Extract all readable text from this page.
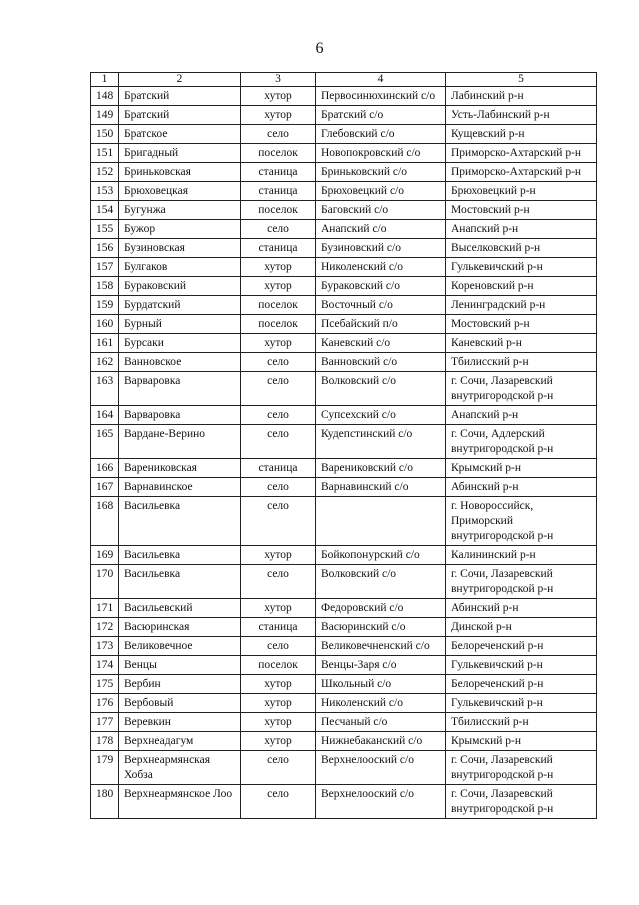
6
1	2	3	4	5
148	Братский	хутор	Первосинюхинский с/о	Лабинский р-н
149	Братский	хутор	Братский с/о	Усть-Лабинский р-н
150	Братское	село	Глебовский с/о	Кущевский р-н
151	Бригадный	поселок	Новопокровский с/о	Приморско-Ахтарский р-н
152	Бриньковская	станица	Бриньковский с/о	Приморско-Ахтарский р-н
153	Брюховецкая	станица	Брюховецкий с/о	Брюховецкий р-н
154	Бугунжа	поселок	Баговский с/о	Мостовский р-н
155	Бужор	село	Анапский с/о	Анапский р-н
156	Бузиновская	станица	Бузиновский с/о	Выселковский р-н
157	Булгаков	хутор	Николенский с/о	Гулькевичский р-н
158	Бураковский	хутор	Бураковский с/о	Кореновский р-н
159	Бурдатский	поселок	Восточный с/о	Ленинградский р-н
160	Бурный	поселок	Псебайский п/о	Мостовский р-н
161	Бурсаки	хутор	Каневский с/о	Каневский р-н
162	Ванновское	село	Ванновский с/о	Тбилисский р-н
163	Варваровка	село	Волковский с/о	г. Сочи, Лазаревский внутригородской р-н
164	Варваровка	село	Супсехский с/о	Анапский р-н
165	Вардане-Верино	село	Кудепстинский с/о	г. Сочи, Адлерский внутригородской р-н
166	Варениковская	станица	Варениковский с/о	Крымский р-н
167	Варнавинское	село	Варнавинский с/о	Абинский р-н
168	Васильевка	село		г. Новороссийск, Приморский внутригородской р-н
169	Васильевка	хутор	Бойкопонурский с/о	Калининский р-н
170	Васильевка	село	Волковский с/о	г. Сочи, Лазаревский внутригородской р-н
171	Васильевский	хутор	Федоровский с/о	Абинский р-н
172	Васюринская	станица	Васюринский с/о	Динской р-н
173	Великовечное	село	Великовечненский с/о	Белореченский р-н
174	Венцы	поселок	Венцы-Заря с/о	Гулькевичский р-н
175	Вербин	хутор	Школьный с/о	Белореченский р-н
176	Вербовый	хутор	Николенский с/о	Гулькевичский р-н
177	Веревкин	хутор	Песчаный с/о	Тбилисский р-н
178	Верхнеадагум	хутор	Нижнебаканский с/о	Крымский р-н
179	Верхнеармянская Хобза	село	Верхнелооский с/о	г. Сочи, Лазаревский внутригородской р-н
180	Верхнеармянское Лоо	село	Верхнелооский с/о	г. Сочи, Лазаревский внутригородской р-н
